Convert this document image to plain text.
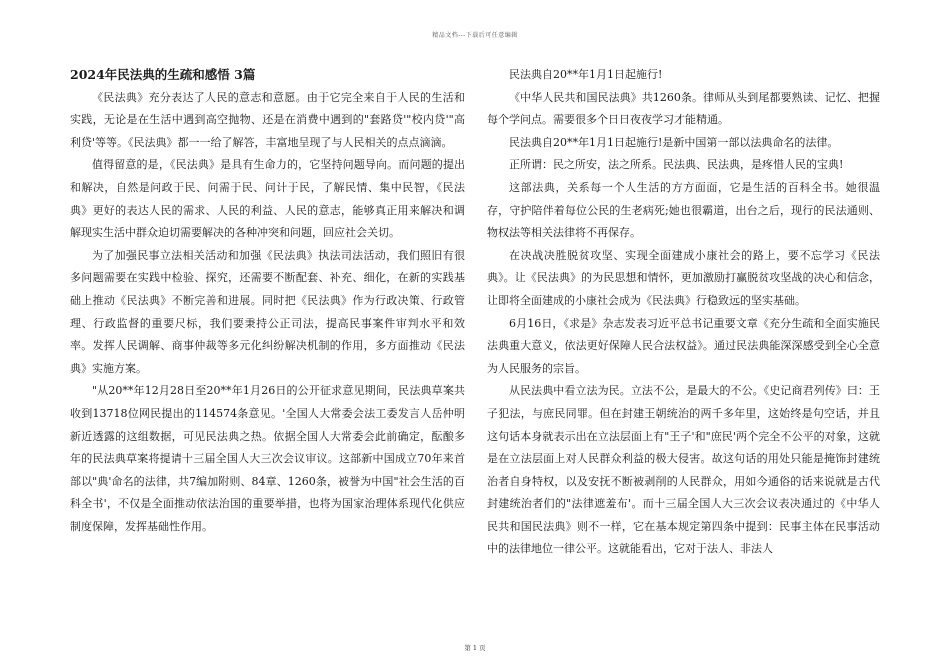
精品文档---下载后可任意编辑
2024年民法典的生疏和感悟 3篇

《民法典》充分表达了人民的意志和意愿。由于它完全来自于人民的生活和实践，无论是在生活中遇到高空抛物、还是在消费中遇到的"套路贷'"校内贷'"高利贷'等等。《民法典》都一一给了解答，丰富地呈现了与人民相关的点点滴滴。

值得留意的是，《民法典》是具有生命力的，它坚持问题导向。而问题的提出和解决，自然是问政于民、问需于民、问计于民，了解民情、集中民智，《民法典》更好的表达人民的需求、人民的利益、人民的意志，能够真正用来解决和调解现实生活中群众迫切需要解决的各种冲突和问题，回应社会关切。

为了加强民事立法相关活动和加强《民法典》执法司法活动，我们照旧有很多问题需要在实践中检验、探究，还需要不断配套、补充、细化，在新的实践基础上推动《民法典》不断完善和进展。同时把《民法典》作为行政决策、行政管理、行政监督的重要尺标，我们要秉持公正司法，提高民事案件审判水平和效率。发挥人民调解、商事仲裁等多元化纠纷解决机制的作用，多方面推动《民法典》实施方案。

"从20**年12月28日至20**年1月26日的公开征求意见期间，民法典草案共收到13718位网民提出的114574条意见。'全国人大常委会法工委发言人岳仲明新近透露的这组数据，可见民法典之热。依据全国人大常委会此前确定，酝酿多年的民法典草案将提请十三届全国人大三次会议审议。这部新中国成立70年来首部以"典'命名的法律，共7编加附则、84章、1260条，被誉为中国"社会生活的百科全书'，不仅是全面推动依法治国的重要举措，也将为国家治理体系现代化供应制度保障，发挥基础性作用。

民法典自20**年1月1日起施行!

《中华人民共和国民法典》共1260条。律师从头到尾都要熟读、记忆、把握每个学问点。需要很多个日日夜夜学习才能精通。

民法典自20**年1月1日起施行!是新中国第一部以法典命名的法律。

正所谓：民之所安，法之所系。民法典、民法典，是疼惜人民的宝典!

这部法典，关系每一个人生活的方方面面，它是生活的百科全书。她很温存，守护陪伴着每位公民的生老病死;她也很霸道，出台之后，现行的民法通则、物权法等相关法律将不再保存。

在决战决胜脱贫攻坚、实现全面建成小康社会的路上，要不忘学习《民法典》。让《民法典》的为民思想和情怀，更加激励打赢脱贫攻坚战的决心和信念，让即将全面建成的小康社会成为《民法典》行稳致远的坚实基础。

6月16日，《求是》杂志发表习近平总书记重要文章《充分生疏和全面实施民法典重大意义，依法更好保障人民合法权益》。通过民法典能深深感受到全心全意为人民服务的宗旨。

从民法典中看立法为民。立法不公，是最大的不公。《史记商君列传》曰：王子犯法，与庶民同罪。但在封建王朝统治的两千多年里，这始终是句空话，并且这句话本身就表示出在立法层面上有"王子'和"庶民'两个完全不公平的对象，这就是在立法层面上对人民群众利益的极大侵害。故这句话的用处只能是掩饰封建统治者自身特权，以及安抚不断被剥削的人民群众，用如今通俗的话来说就是古代封建统治者们的"法律遮羞布'。而十三届全国人大三次会议表决通过的《中华人民共和国民法典》则不一样，它在基本规定第四条中提到：民事主体在民事活动中的法律地位一律公平。这就能看出，它对于法人、非法人

第 1 页
